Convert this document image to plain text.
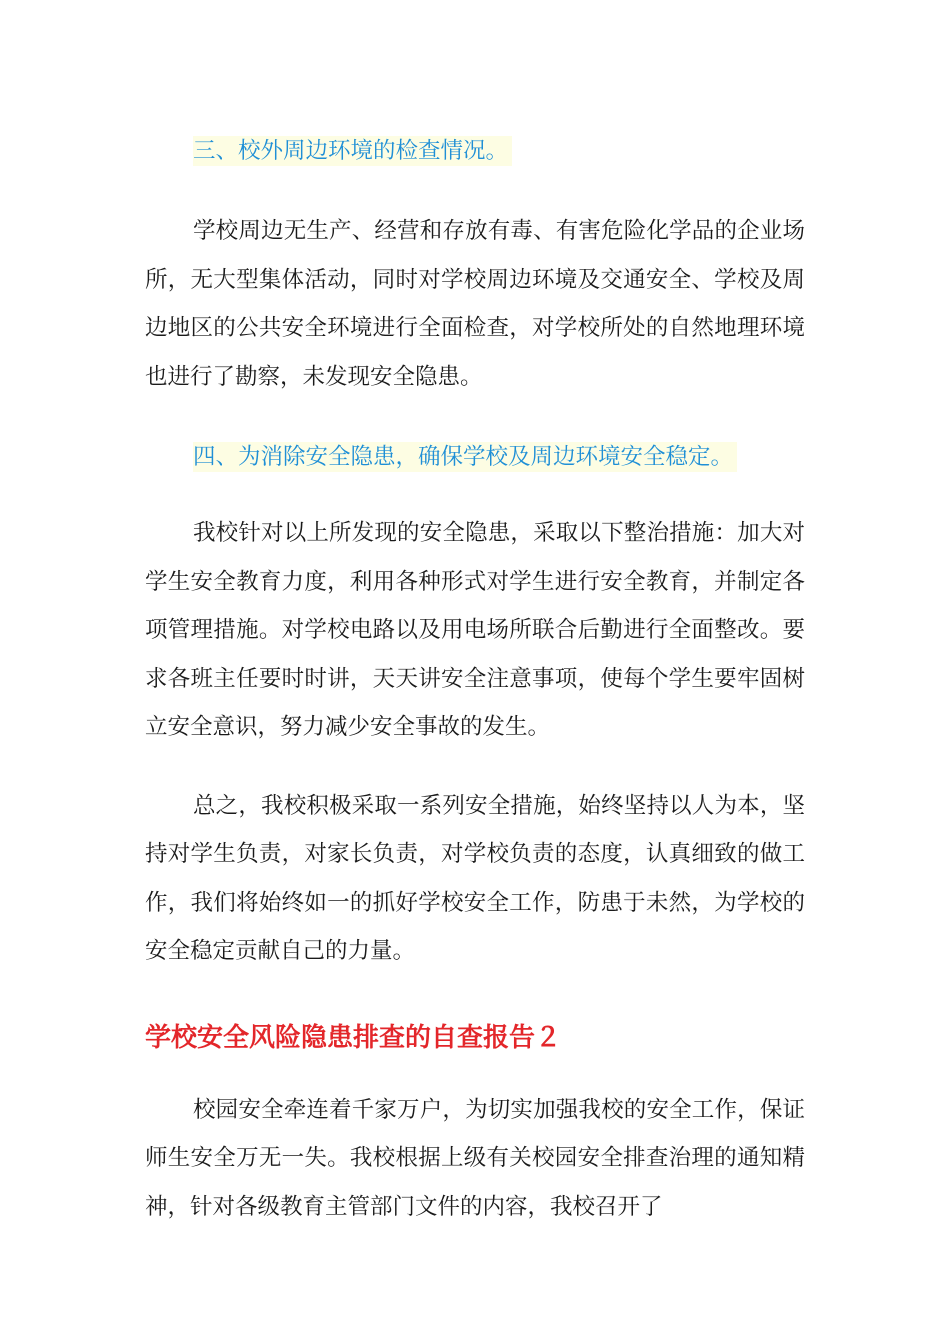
三、校外周边环境的检查情况。

学校周边无生产、经营和存放有毒、有害危险化学品的企业场所，无大型集体活动，同时对学校周边环境及交通安全、学校及周边地区的公共安全环境进行全面检查，对学校所处的自然地理环境也进行了勘察，未发现安全隐患。

四、为消除安全隐患，确保学校及周边环境安全稳定。

我校针对以上所发现的安全隐患，采取以下整治措施：加大对学生安全教育力度，利用各种形式对学生进行安全教育，并制定各项管理措施。对学校电路以及用电场所联合后勤进行全面整改。要求各班主任要时时讲，天天讲安全注意事项，使每个学生要牢固树立安全意识，努力减少安全事故的发生。

总之，我校积极采取一系列安全措施，始终坚持以人为本，坚持对学生负责，对家长负责，对学校负责的态度，认真细致的做工作，我们将始终如一的抓好学校安全工作，防患于未然，为学校的安全稳定贡献自己的力量。

学校安全风险隐患排查的自查报告２

校园安全牵连着千家万户，为切实加强我校的安全工作，保证师生安全万无一失。我校根据上级有关校园安全排查治理的通知精神，针对各级教育主管部门文件的内容，我校召开了
